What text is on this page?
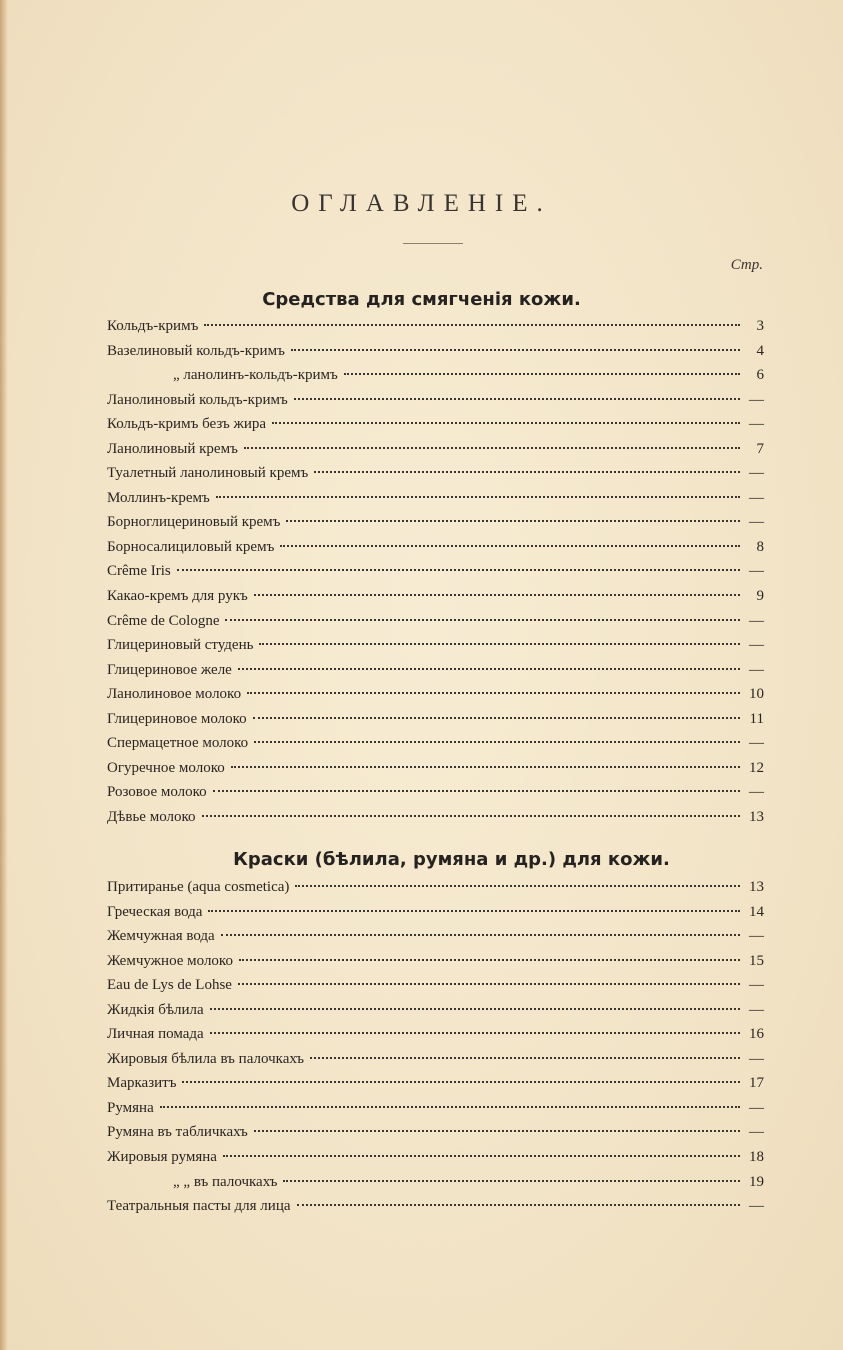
ОГЛАВЛЕНІЕ.
Стр.
Средства для смягченія кожи.
Кольдъ-кримъ	3
Вазелиновый кольдъ-кримъ	4
„ ланолинъ-кольдъ-кримъ	6
Ланолиновый кольдъ-кримъ	—
Кольдъ-кримъ безъ жира	—
Ланолиновый кремъ	7
Туалетный ланолиновый кремъ	—
Моллинъ-кремъ	—
Борноглицериновый кремъ	—
Борносалициловый кремъ	8
Crême Iris	—
Какао-кремъ для рукъ	9
Crême de Cologne	—
Глицериновый студень	—
Глицериновое желе	—
Ланолиновое молоко	10
Глицериновое молоко	11
Спермацетное молоко	—
Огуречное молоко	12
Розовое молоко	—
Дѣвье молоко	13
Краски (бѣлила, румяна и др.) для кожи.
Притиранье (aqua cosmetica)	13
Греческая вода	14
Жемчужная вода	—
Жемчужное молоко	15
Eau de Lys de Lohse	—
Жидкія бѣлила	—
Личная помада	16
Жировыя бѣлила въ палочкахъ	—
Марказитъ	17
Румяна	—
Румяна въ табличкахъ	—
Жировыя румяна	18
„ „ въ палочкахъ	19
Театральныя пасты для лица	—
